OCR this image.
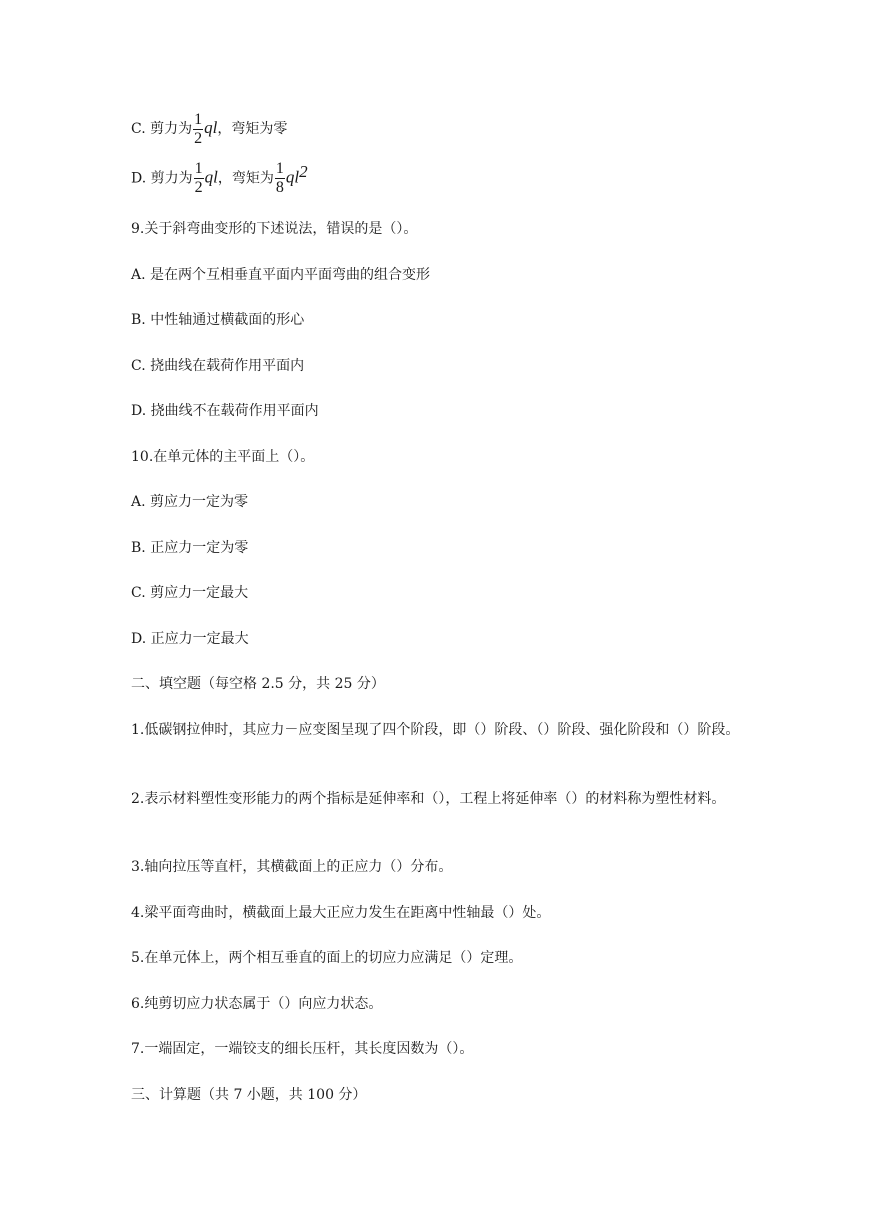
C. 剪力为 $\frac{1}{2}$ ql，弯矩为零
D. 剪力为 $\frac{1}{2}$ ql，弯矩为 $\frac{1}{8} ql^2$
9.关于斜弯曲变形的下述说法，错误的是（）。
A. 是在两个互相垂直平面内平面弯曲的组合变形
B. 中性轴通过横截面的形心
C. 挠曲线在载荷作用平面内
D. 挠曲线不在载荷作用平面内
10.在单元体的主平面上（）。
A. 剪应力一定为零
B. 正应力一定为零
C. 剪应力一定最大
D. 正应力一定最大
二、填空题（每空格 2.5 分，共 25 分）
1.低碳钢拉伸时，其应力－应变图呈现了四个阶段，即（）阶段、（）阶段、强化阶段和（）阶段。
2.表示材料塑性变形能力的两个指标是延伸率和（），工程上将延伸率（）的材料称为塑性材料。
3.轴向拉压等直杆，其横截面上的正应力（）分布。
4.梁平面弯曲时，横截面上最大正应力发生在距离中性轴最（）处。
5.在单元体上，两个相互垂直的面上的切应力应满足（）定理。
6.纯剪切应力状态属于（）向应力状态。
7.一端固定，一端铰支的细长压杆，其长度因数为（）。
三、计算题（共 7 小题，共 100 分）
